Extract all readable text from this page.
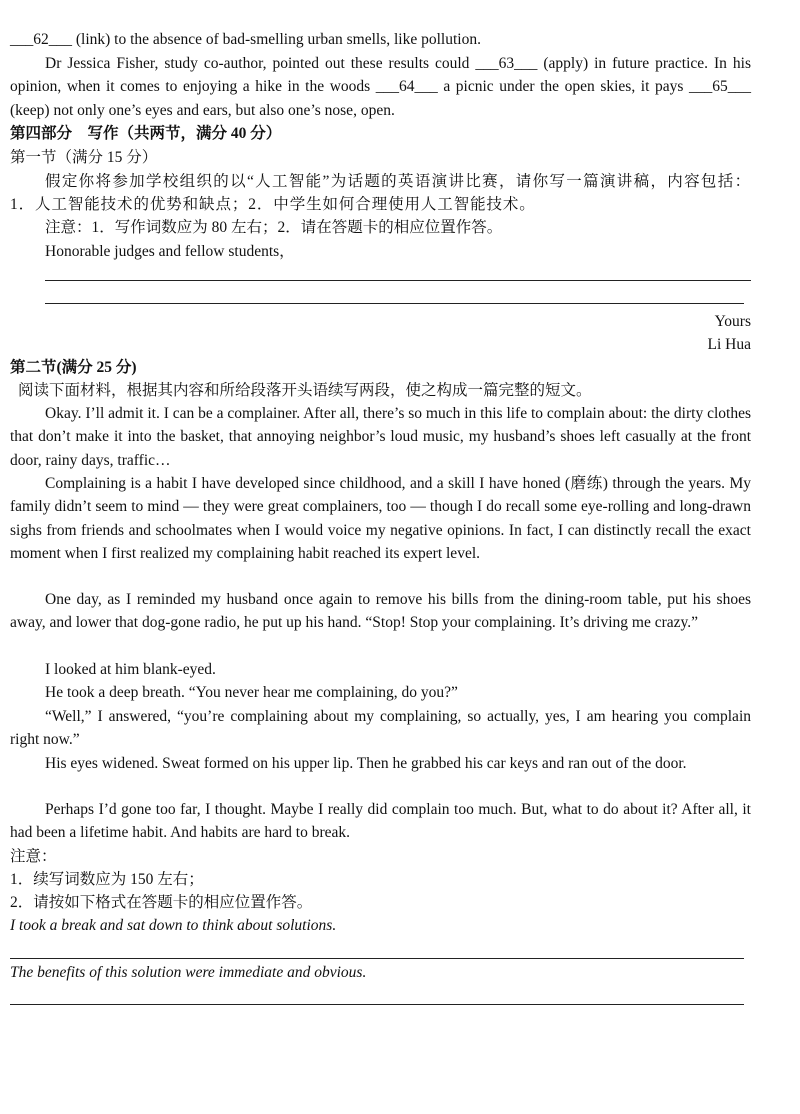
___62___ (link) to the absence of bad-smelling urban smells, like pollution.

Dr Jessica Fisher, study co-author, pointed out these results could ___63___ (apply) in future practice. In his opinion, when it comes to enjoying a hike in the woods ___64___ a picnic under the open skies, it pays ___65___ (keep) not only one’s eyes and ears, but also one’s nose, open.

第四部分　写作（共两节，满分 40 分）

第一节（满分 15 分）

假定你将参加学校组织的以“人工智能”为话题的英语演讲比赛，请你写一篇演讲稿，内容包括：1．人工智能技术的优势和缺点；2．中学生如何合理使用人工智能技术。

注意：1．写作词数应为 80 左右；2．请在答题卡的相应位置作答。

Honorable judges and fellow students，

Yours

Li Hua

第二节(满分 25 分)

阅读下面材料，根据其内容和所给段落开头语续写两段，使之构成一篇完整的短文。

Okay. I’ll admit it. I can be a complainer. After all, there’s so much in this life to complain about: the dirty clothes that don’t make it into the basket, that annoying neighbor’s loud music, my husband’s shoes left casually at the front door, rainy days, traffic…

Complaining is a habit I have developed since childhood, and a skill I have honed (磨练) through the years. My family didn’t seem to mind — they were great complainers, too — though I do recall some eye-rolling and long-drawn sighs from friends and schoolmates when I would voice my negative opinions. In fact, I can distinctly recall the exact moment when I first realized my complaining habit reached its expert level.

One day, as I reminded my husband once again to remove his bills from the dining-room table, put his shoes away, and lower that dog-gone radio, he put up his hand. “Stop! Stop your complaining. It’s driving me crazy.”

I looked at him blank-eyed.

He took a deep breath. “You never hear me complaining, do you?”

“Well,” I answered, “you’re complaining about my complaining, so actually, yes, I am hearing you complain right now.”

His eyes widened. Sweat formed on his upper lip. Then he grabbed his car keys and ran out of the door.

Perhaps I’d gone too far, I thought. Maybe I really did complain too much. But, what to do about it? After all, it had been a lifetime habit. And habits are hard to break.

注意：

1．续写词数应为 150 左右；

2．请按如下格式在答题卡的相应位置作答。

I took a break and sat down to think about solutions.

The benefits of this solution were immediate and obvious.
